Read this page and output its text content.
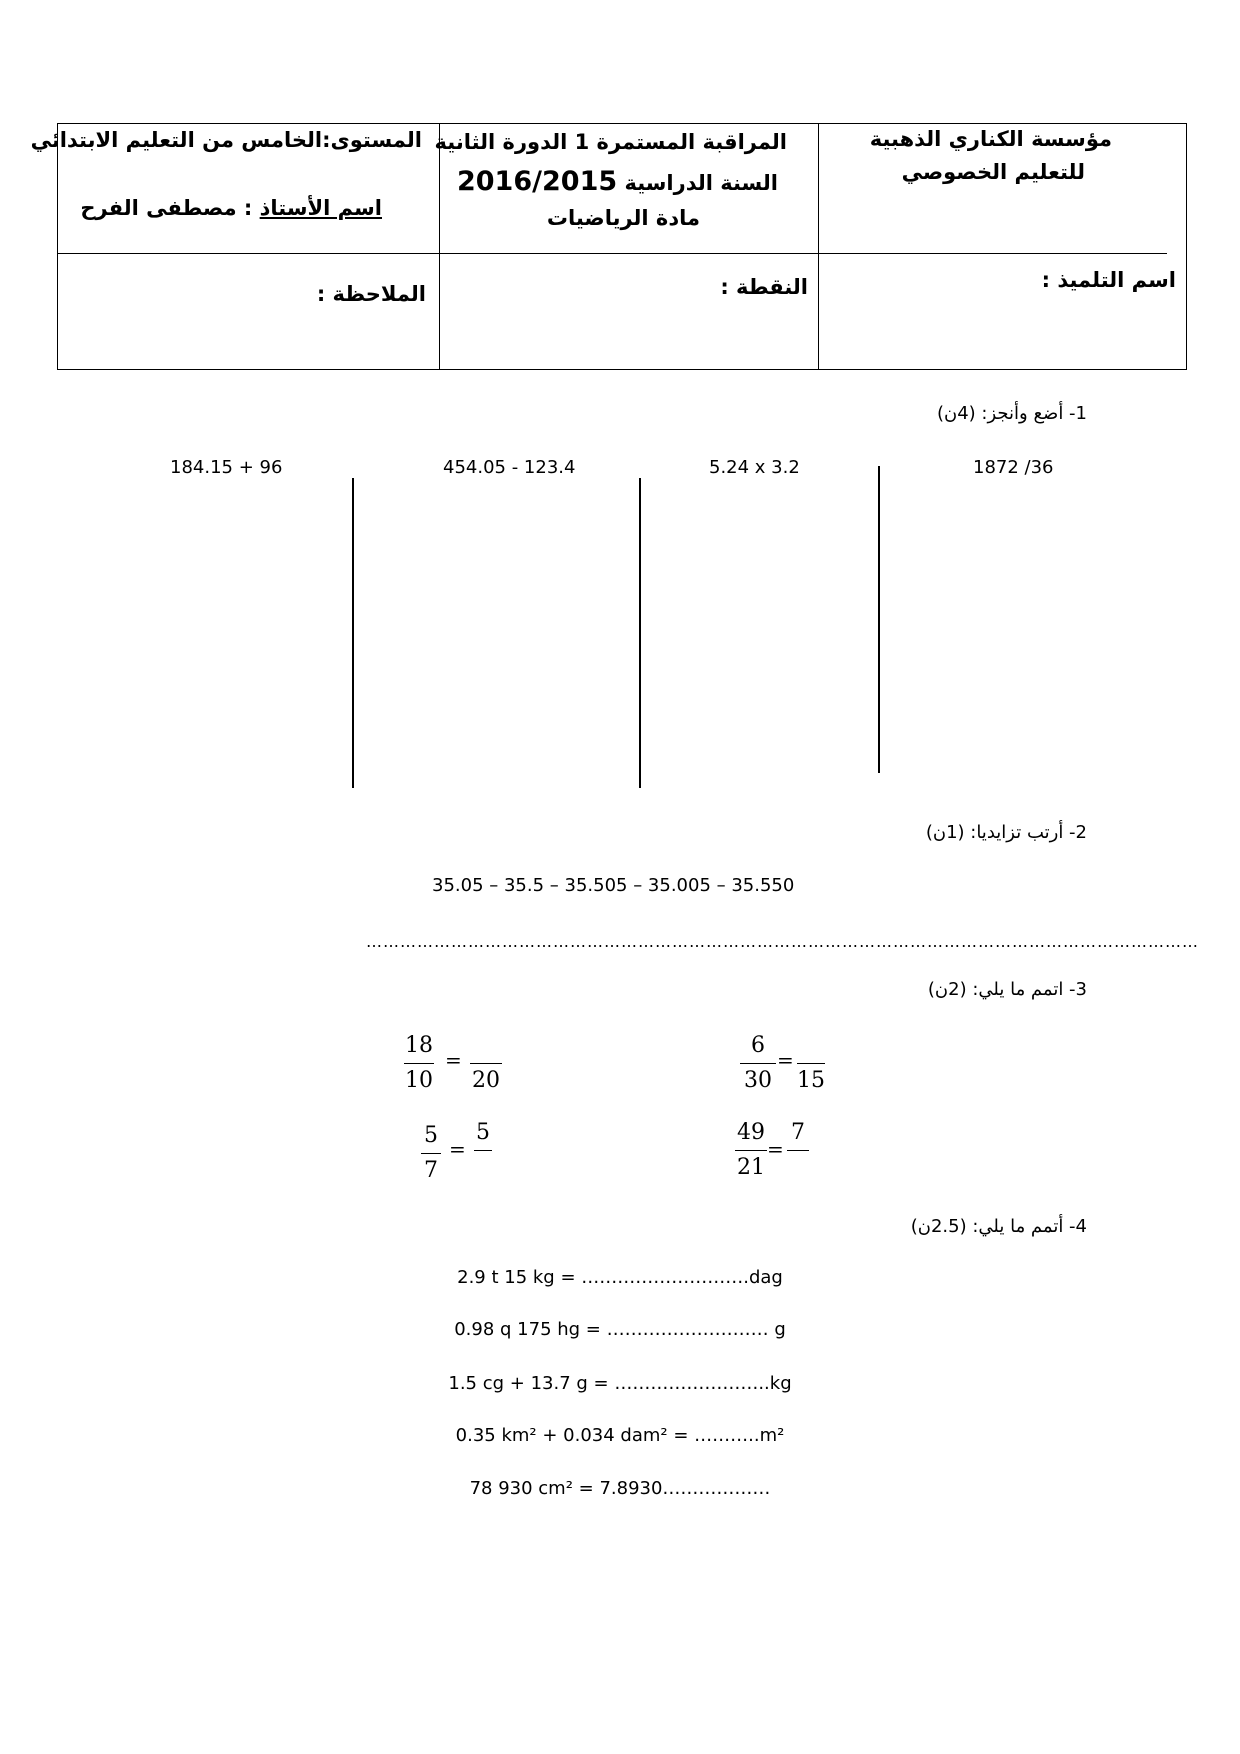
مؤسسة الكناري الذهبية
للتعليم الخصوصي
المراقبة المستمرة 1 الدورة الثانية
السنة الدراسية 2016/2015
مادة الرياضيات
المستوى:الخامس من التعليم الابتدائي
اسم الأستاذ : مصطفى الفرح
اسم التلميذ :
النقطة :
الملاحظة :
1- أضع وأنجز: (4ن)
1872 /36
5.24 x 3.2
454.05 - 123.4
184.15 + 96
2- أرتب تزايديا: (1ن)
35.05 – 35.5 – 35.505 – 35.005 – 35.550
…………………………………………………………………………………………………………………………………
3- اتمم ما يلي: (2ن)
6
30
=
15
18
10
=
20
49
21
=
7
5
7
=
5
4- أتمم ما يلي: (2.5ن)
2.9 t 15 kg = ……………………….dag
0.98 q 175 hg = ……………………… g
1.5 cg + 13.7 g = ……………………..kg
0.35 km² + 0.034 dam² = ………..m²
78 930 cm² = 7.8930………………
